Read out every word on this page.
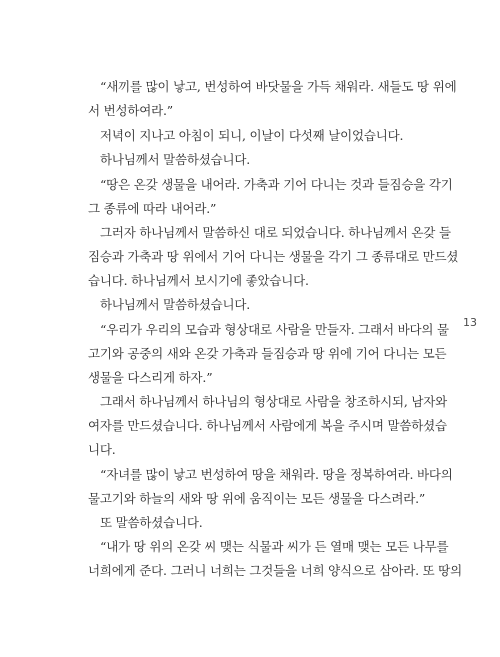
“새끼를 많이 낳고, 번성하여 바닷물을 가득 채워라. 새들도 땅 위에
서 번성하여라.”
저녁이 지나고 아침이 되니, 이날이 다섯째 날이었습니다.
하나님께서 말씀하셨습니다.
“땅은 온갖 생물을 내어라. 가축과 기어 다니는 것과 들짐승을 각기
그 종류에 따라 내어라.”
그러자 하나님께서 말씀하신 대로 되었습니다. 하나님께서 온갖 들
짐승과 가축과 땅 위에서 기어 다니는 생물을 각기 그 종류대로 만드셨
습니다. 하나님께서 보시기에 좋았습니다.
하나님께서 말씀하셨습니다.
“우리가 우리의 모습과 형상대로 사람을 만들자. 그래서 바다의 물
고기와 공중의 새와 온갖 가축과 들짐승과 땅 위에 기어 다니는 모든
생물을 다스리게 하자.”
그래서 하나님께서 하나님의 형상대로 사람을 창조하시되, 남자와
여자를 만드셨습니다. 하나님께서 사람에게 복을 주시며 말씀하셨습
니다.
“자녀를 많이 낳고 번성하여 땅을 채워라. 땅을 정복하여라. 바다의
물고기와 하늘의 새와 땅 위에 움직이는 모든 생물을 다스려라.”
또 말씀하셨습니다.
“내가 땅 위의 온갖 씨 맺는 식물과 씨가 든 열매 맺는 모든 나무를
너희에게 준다. 그러니 너희는 그것들을 너희 양식으로 삼아라. 또 땅의
13
